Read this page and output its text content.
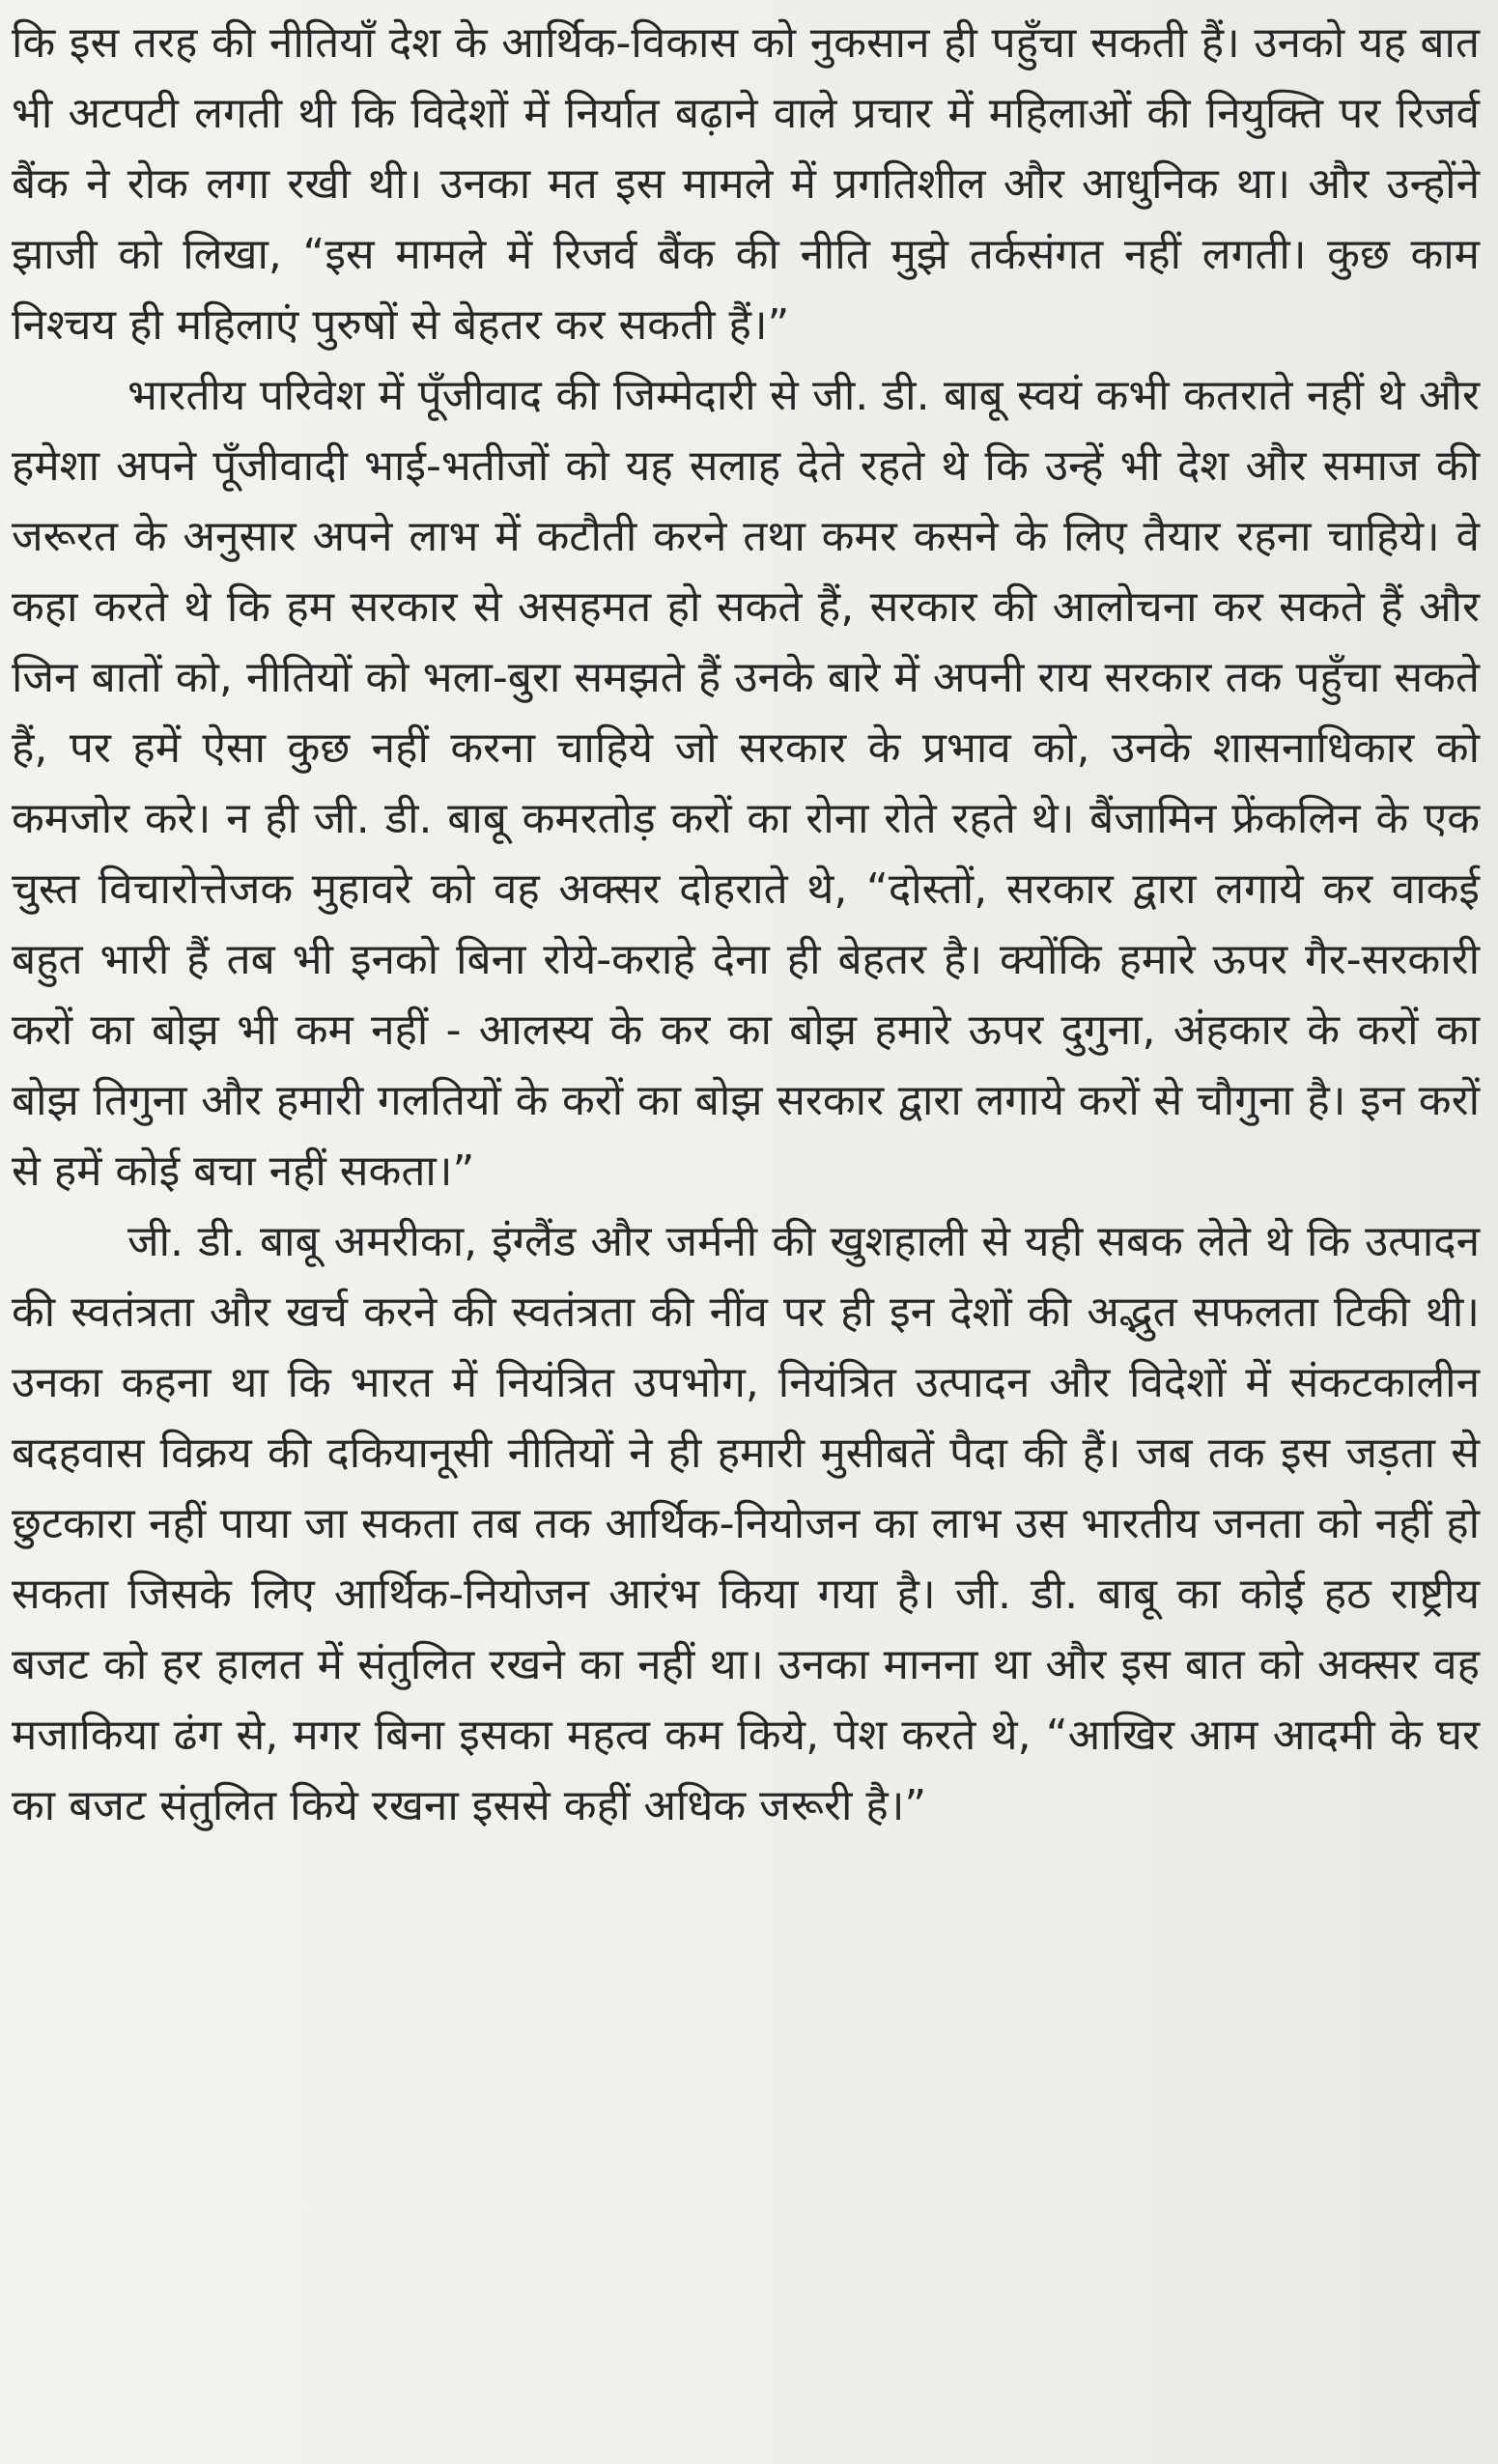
कि इस तरह की नीतियाँ देश के आर्थिक-विकास को नुकसान ही पहुँचा सकती हैं। उनको यह बात भी अटपटी लगती थी कि विदेशों में निर्यात बढ़ाने वाले प्रचार में महिलाओं की नियुक्ति पर रिजर्व बैंक ने रोक लगा रखी थी। उनका मत इस मामले में प्रगतिशील और आधुनिक था। और उन्होंने झाजी को लिखा, “इस मामले में रिजर्व बैंक की नीति मुझे तर्कसंगत नहीं लगती। कुछ काम निश्चय ही महिलाएं पुरुषों से बेहतर कर सकती हैं।”

भारतीय परिवेश में पूँजीवाद की जिम्मेदारी से जी. डी. बाबू स्वयं कभी कतराते नहीं थे और हमेशा अपने पूँजीवादी भाई-भतीजों को यह सलाह देते रहते थे कि उन्हें भी देश और समाज की जरूरत के अनुसार अपने लाभ में कटौती करने तथा कमर कसने के लिए तैयार रहना चाहिये। वे कहा करते थे कि हम सरकार से असहमत हो सकते हैं, सरकार की आलोचना कर सकते हैं और जिन बातों को, नीतियों को भला-बुरा समझते हैं उनके बारे में अपनी राय सरकार तक पहुँचा सकते हैं, पर हमें ऐसा कुछ नहीं करना चाहिये जो सरकार के प्रभाव को, उनके शासनाधिकार को कमजोर करे। न ही जी. डी. बाबू कमरतोड़ करों का रोना रोते रहते थे। बैंजामिन फ्रेंकलिन के एक चुस्त विचारोत्तेजक मुहावरे को वह अक्सर दोहराते थे, “दोस्तों, सरकार द्वारा लगाये कर वाकई बहुत भारी हैं तब भी इनको बिना रोये-कराहे देना ही बेहतर है। क्योंकि हमारे ऊपर गैर-सरकारी करों का बोझ भी कम नहीं - आलस्य के कर का बोझ हमारे ऊपर दुगुना, अंहकार के करों का बोझ तिगुना और हमारी गलतियों के करों का बोझ सरकार द्वारा लगाये करों से चौगुना है। इन करों से हमें कोई बचा नहीं सकता।”

जी. डी. बाबू अमरीका, इंग्लैंड और जर्मनी की खुशहाली से यही सबक लेते थे कि उत्पादन की स्वतंत्रता और खर्च करने की स्वतंत्रता की नींव पर ही इन देशों की अद्भुत सफलता टिकी थी। उनका कहना था कि भारत में नियंत्रित उपभोग, नियंत्रित उत्पादन और विदेशों में संकटकालीन बदहवास विक्रय की दकियानूसी नीतियों ने ही हमारी मुसीबतें पैदा की हैं। जब तक इस जड़ता से छुटकारा नहीं पाया जा सकता तब तक आर्थिक-नियोजन का लाभ उस भारतीय जनता को नहीं हो सकता जिसके लिए आर्थिक-नियोजन आरंभ किया गया है। जी. डी. बाबू का कोई हठ राष्ट्रीय बजट को हर हालत में संतुलित रखने का नहीं था। उनका मानना था और इस बात को अक्सर वह मजाकिया ढंग से, मगर बिना इसका महत्व कम किये, पेश करते थे, “आखिर आम आदमी के घर का बजट संतुलित किये रखना इससे कहीं अधिक जरूरी है।”
